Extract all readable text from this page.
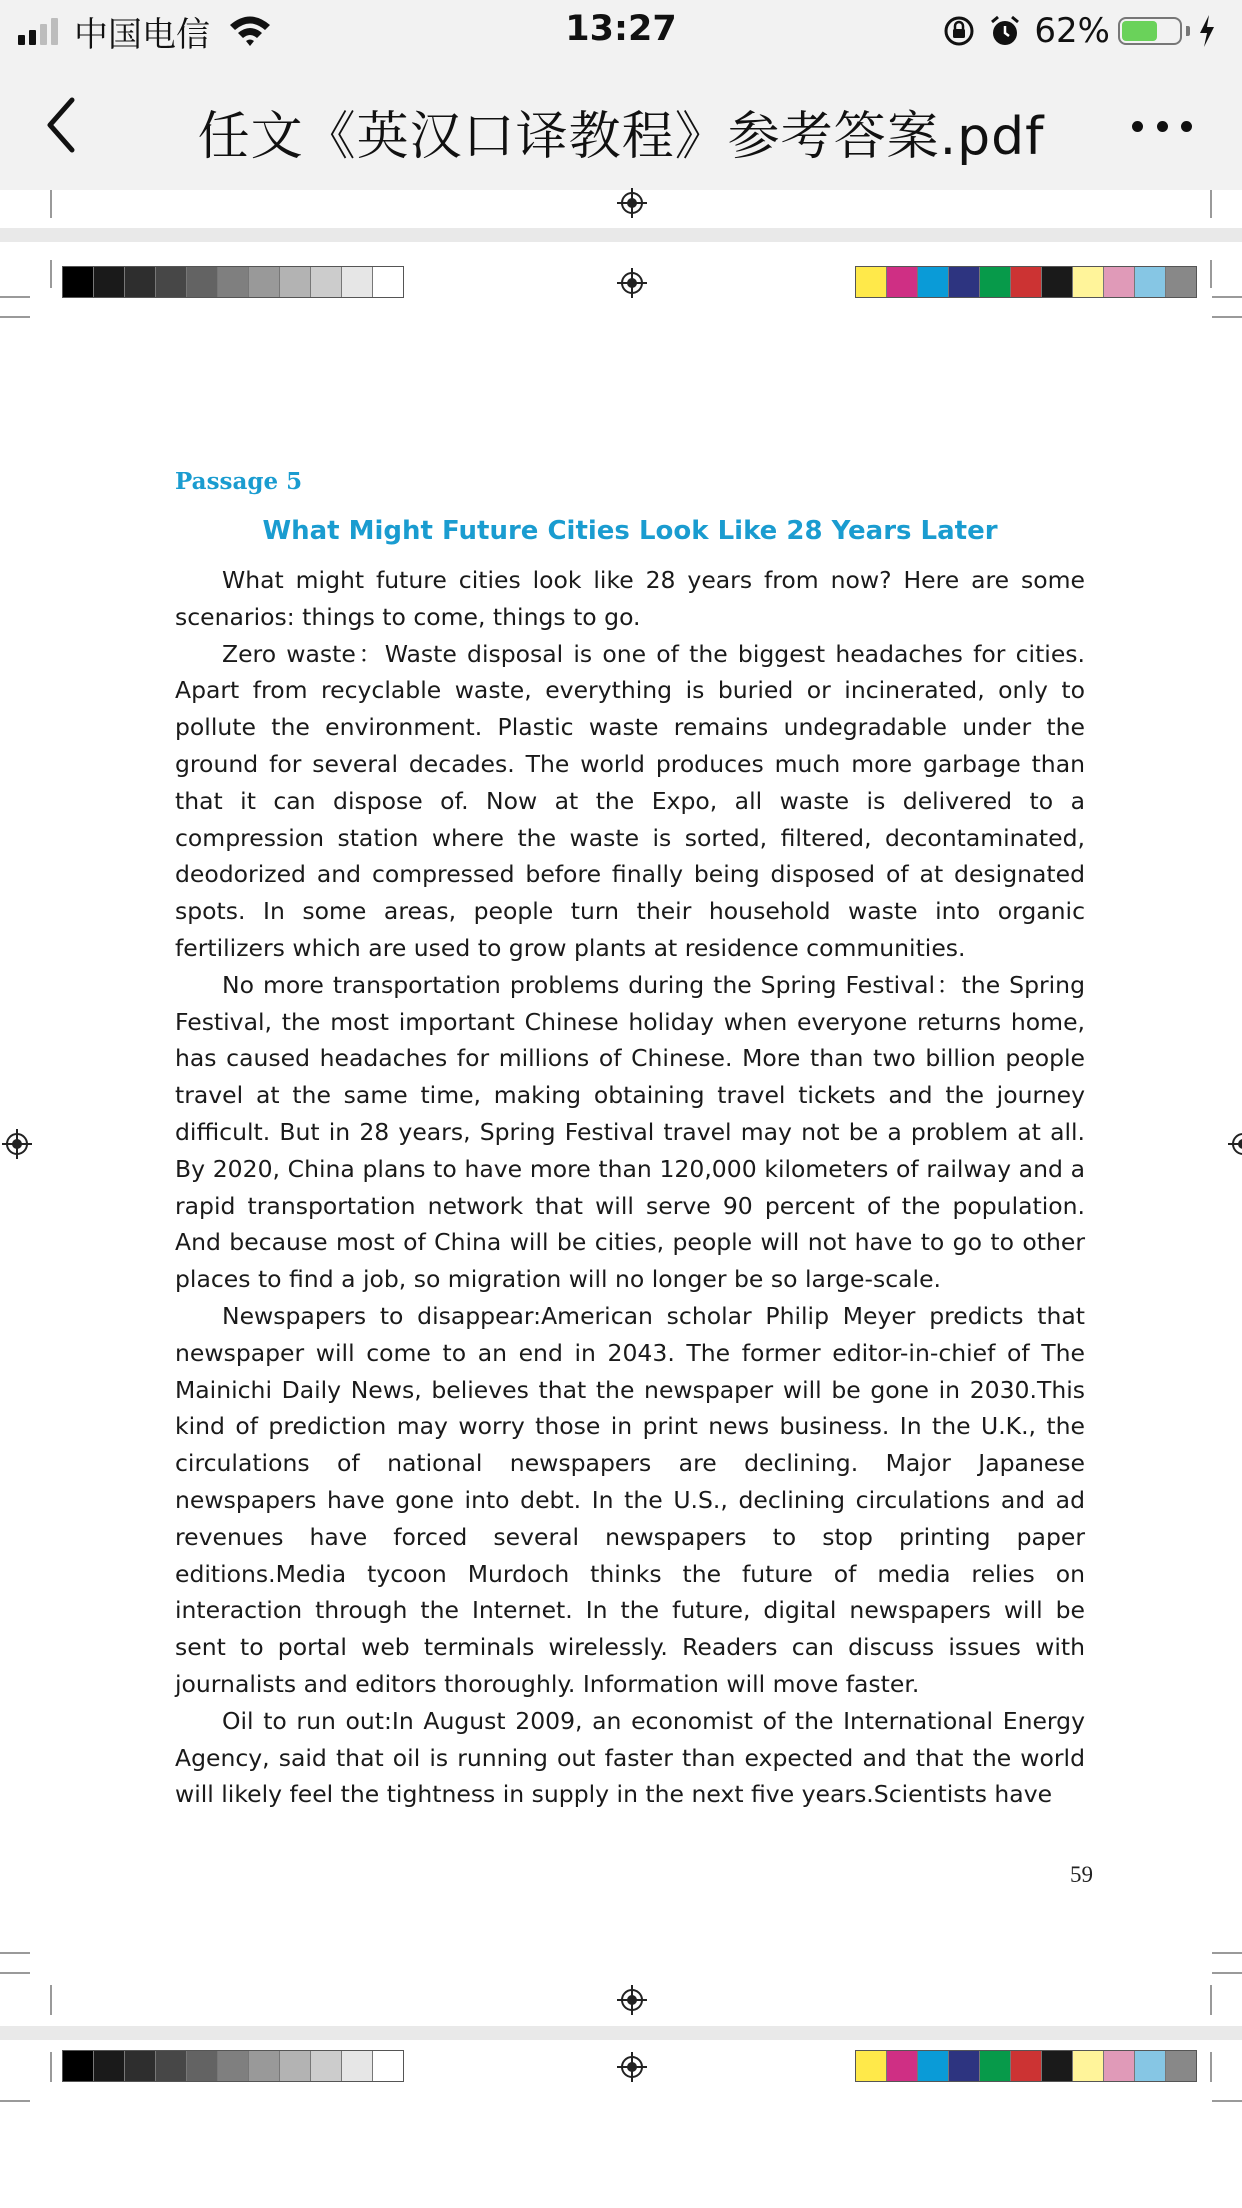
中国电信	13:27	62%
任文《英汉口译教程》参考答案.pdf
Passage 5
What Might Future Cities Look Like 28 Years Later

What might future cities look like 28 years from now? Here are some scenarios: things to come, things to go.

Zero waste：Waste disposal is one of the biggest headaches for cities. Apart from recyclable waste, everything is buried or incinerated, only to pollute the environment. Plastic waste remains undegradable under the ground for several decades. The world produces much more garbage than that it can dispose of. Now at the Expo, all waste is delivered to a compression station where the waste is sorted, filtered, decontaminated, deodorized and compressed before finally being disposed of at designated spots. In some areas, people turn their household waste into organic fertilizers which are used to grow plants at residence communities.

No more transportation problems during the Spring Festival：the Spring Festival, the most important Chinese holiday when everyone returns home, has caused headaches for millions of Chinese. More than two billion people travel at the same time, making obtaining travel tickets and the journey difficult. But in 28 years, Spring Festival travel may not be a problem at all. By 2020, China plans to have more than 120,000 kilometers of railway and a rapid transportation network that will serve 90 percent of the population. And because most of China will be cities, people will not have to go to other places to find a job, so migration will no longer be so large-scale.

Newspapers to disappear:American scholar Philip Meyer predicts that newspaper will come to an end in 2043. The former editor-in-chief of The Mainichi Daily News, believes that the newspaper will be gone in 2030.This kind of prediction may worry those in print news business. In the U.K., the circulations of national newspapers are declining. Major Japanese newspapers have gone into debt. In the U.S., declining circulations and ad revenues have forced several newspapers to stop printing paper editions.Media tycoon Murdoch thinks the future of media relies on interaction through the Internet. In the future, digital newspapers will be sent to portal web terminals wirelessly. Readers can discuss issues with journalists and editors thoroughly. Information will move faster.

Oil to run out:In August 2009, an economist of the International Energy Agency, said that oil is running out faster than expected and that the world will likely feel the tightness in supply in the next five years.Scientists have

59
